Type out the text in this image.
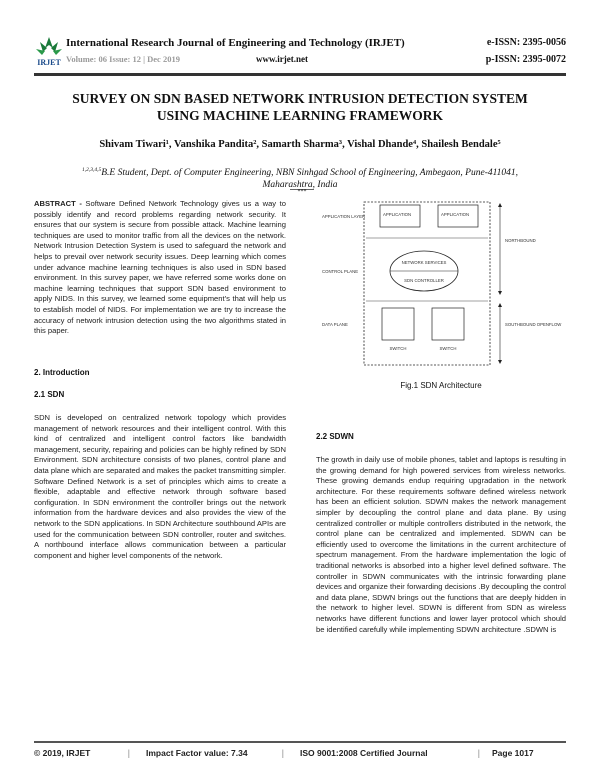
IRJET
International Research Journal of Engineering and Technology (IRJET)	e-ISSN: 2395-0056
Volume: 06 Issue: 12 | Dec 2019	www.irjet.net	p-ISSN: 2395-0072
SURVEY ON SDN BASED NETWORK INTRUSION DETECTION SYSTEM
USING MACHINE LEARNING FRAMEWORK
Shivam Tiwari¹, Vanshika Pandita², Samarth Sharma³, Vishal Dhande⁴, Shailesh Bendale⁵
$^{1,2,3,4,5}$B.E Student, Dept. of Computer Engineering, NBN Sinhgad School of Engineering, Ambegaon, Pune-411041,
Maharashtra, India
***
ABSTRACT - Software Defined Network Technology gives us a way to possibly identify and record problems regarding network security. It ensures that our system is secure from possible attack. Machine learning techniques are used to monitor traffic from all the devices on the network. Network Intrusion Detection System is used to safeguard the network and helps to prevail over network security issues. Deep learning which comes under advance machine learning techniques is also used in SDN based environment. In this survey paper, we have referred some works done on machine learning techniques that support SDN based environment to apply NIDS. In this survey, we learned some equipment's that will help us to establish model of NIDS. For implementation we are try to increase the accuracy of network intrusion detection using the two algorithms stated in this paper.
2. Introduction
2.1 SDN
SDN is developed on centralized network topology which provides management of network resources and their intelligent control. With this kind of centralized and intelligent control factors like bandwidth management, security, repairing and policies can be highly refined by SDN Environment. SDN architecture consists of two planes, control plane and data plane which are separated and makes the packet transmitting simpler. Software Defined Network is a set of principles which aims to create a flexible, adaptable and effective network through software based configuration. In SDN environment the controller brings out the network information from the hardware devices and also provides the view of the network to the SDN applications. In SDN Architecture southbound APIs are used for the communication between SDN controller, router and switches. A northbound interface allows communication between a particular component and higher level components of the network.
APPLICATION LAYER
CONTROL PLANE
DATA PLANE
APPLICATION	APPLICATION
NETWORK SERVICES
SDN CONTROLLER
SWITCH	SWITCH
NORTHBOUND
SOUTHBOUND OPENFLOW
Fig.1 SDN Architecture
2.2 SDWN
The growth in daily use of mobile phones, tablet and laptops is resulting in the growing demand for high powered services from wireless networks. These growing demands endup requiring upgradation in the network architecture. For these requirements software defined wireless network has been an efficient solution. SDWN makes the network management simpler by decoupling the control plane and data plane. By using centralized controller or multiple controllers distributed in the network, the control plane can be centralized and implemented. SDWN can be efficiently used to overcome the limitations in the current architecture of spectrum management. From the hardware implementation the logic of traditional networks is absorbed into a higher level defined software. The controller in SDWN communicates with the intrinsic forwarding plane devices and organize their forwarding decisions .By decoupling the control and data plane, SDWN brings out the functions that are deeply hidden in the network to higher level. SDWN is different from SDN as wireless networks have different functions and lower layer protocol which should be identified carefully while implementing SDWN architecture .SDWN is
© 2019, IRJET	| Impact Factor value: 7.34	| ISO 9001:2008 Certified Journal	| Page 1017
